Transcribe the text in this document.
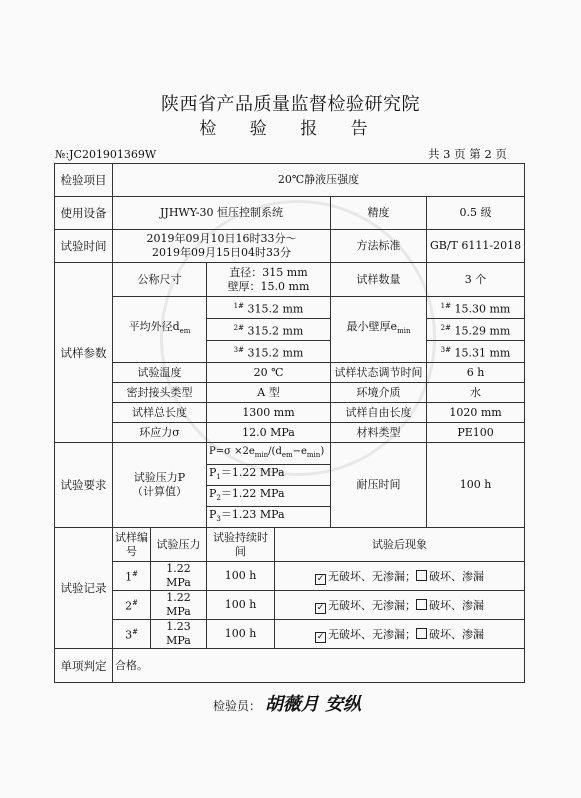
陕西省产品质量监督检验研究院
检 验 报 告
№:JC201901369W	共 3 页 第 2 页
检验项目	20℃静液压强度					
使用设备	JJHWY-30 恒压控制系统				精度	0.5 级
试验时间	2019年09月10日16时33分～
2019年09月15日04时33分				方法标准	GB/T 6111-2018
试样参数	公称尺寸		直径：315 mm
壁厚：15.0 mm		试样数量	3 个
	平均外径$d_{em}$		$^{1\#}$ 315.2 mm		最小壁厚$e_{min}$	$^{1\#}$ 15.30 mm
			$^{2\#}$ 315.2 mm			$^{2\#}$ 15.29 mm
			$^{3\#}$ 315.2 mm			$^{3\#}$ 15.31 mm
	试验温度		20 ℃		试样状态调节时间	6 h
	密封接头类型		A 型		环境介质	水
	试样总长度		1300 mm		试样自由长度	1020 mm
	环应力σ		12.0 MPa		材料类型	PE100
试验要求	试验压力P
（计算值）		$P=\sigma \times 2e_{min}/(d_{em}-e_{min})$		耐压时间	100 h
			$P_1=1.22$ MPa			
			$P_2=1.22$ MPa			
			$P_3=1.23$ MPa			
试验记录	试样编号	试验压力	试验持续时间	试验后现象		
	1#	1.22 MPa	100 h	✓ 无破坏、无渗漏； 破坏、渗漏		
	2#	1.22 MPa	100 h	✓ 无破坏、无渗漏； 破坏、渗漏		
	3#	1.23 MPa	100 h	✓ 无破坏、无渗漏； 破坏、渗漏		
单项判定	合格。					
检验员： 胡薇月 安纵
